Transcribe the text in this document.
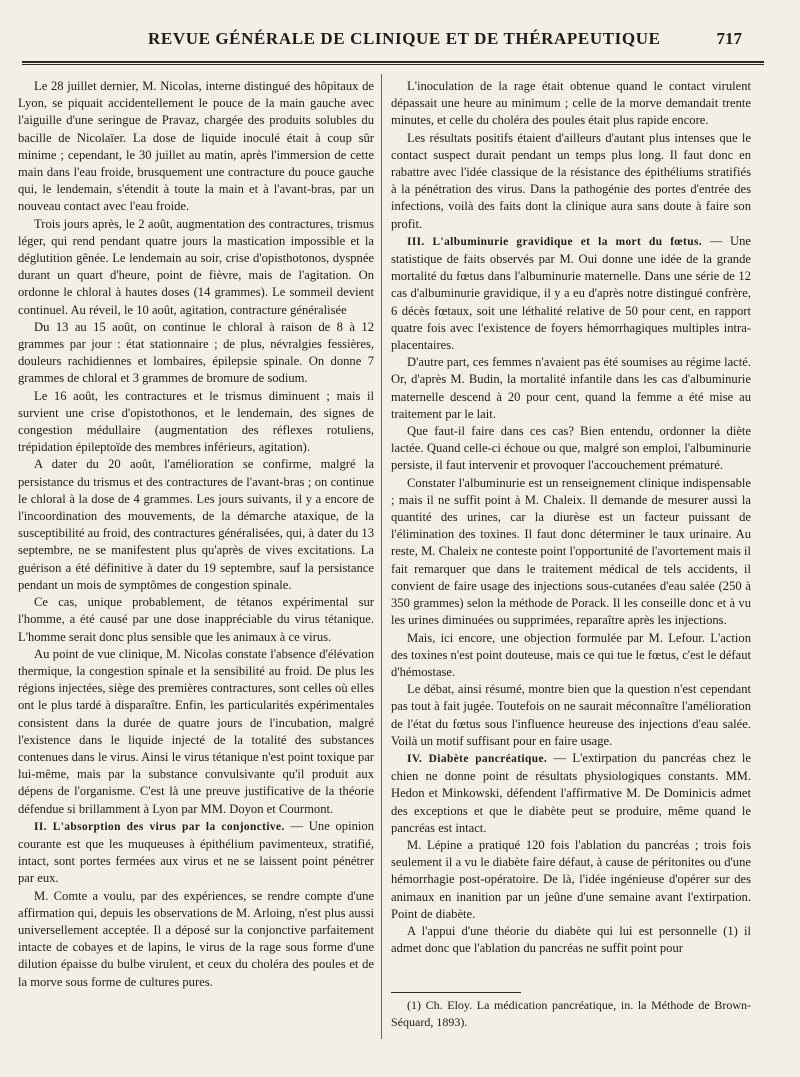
REVUE GÉNÉRALE DE CLINIQUE ET DE THÉRAPEUTIQUE	717

Le 28 juillet dernier, M. Nicolas, interne distingué des hôpitaux de Lyon, se piquait accidentellement le pouce de la main gauche avec l'aiguille d'une seringue de Pravaz, chargée des produits solubles du bacille de Nicolaïer. La dose de liquide inoculé était à coup sûr minime ; cependant, le 30 juillet au matin, après l'immersion de cette main dans l'eau froide, brusquement une contracture du pouce gauche qui, le lendemain, s'étendit à toute la main et à l'avant-bras, par un nouveau contact avec l'eau froide.

Trois jours après, le 2 août, augmentation des contractures, trismus léger, qui rend pendant quatre jours la mastication impossible et la déglutition gênée. Le lendemain au soir, crise d'opisthotonos, dyspnée durant un quart d'heure, point de fièvre, mais de l'agitation. On ordonne le chloral à hautes doses (14 grammes). Le sommeil devient continuel. Au réveil, le 10 août, agitation, contracture généralisée

Du 13 au 15 août, on continue le chloral à raison de 8 à 12 grammes par jour : état stationnaire ; de plus, névralgies fessières, douleurs rachidiennes et lombaires, épilepsie spinale. On donne 7 grammes de chloral et 3 grammes de bromure de sodium.

Le 16 août, les contractures et le trismus diminuent ; mais il survient une crise d'opistothonos, et le lendemain, des signes de congestion médullaire (augmentation des réflexes rotuliens, trépidation épileptoïde des membres inférieurs, agitation).

A dater du 20 août, l'amélioration se confirme, malgré la persistance du trismus et des contractures de l'avant-bras ; on continue le chloral à la dose de 4 grammes. Les jours suivants, il y a encore de l'incoordination des mouvements, de la démarche ataxique, de la susceptibilité au froid, des contractures généralisées, qui, à dater du 13 septembre, ne se manifestent plus qu'après de vives excitations. La guérison a été définitive à dater du 19 septembre, sauf la persistance pendant un mois de symptômes de congestion spinale.

Ce cas, unique probablement, de tétanos expérimental sur l'homme, a été causé par une dose inappréciable du virus tétanique. L'homme serait donc plus sensible que les animaux à ce virus.

Au point de vue clinique, M. Nicolas constate l'absence d'élévation thermique, la congestion spinale et la sensibilité au froid. De plus les régions injectées, siège des premières contractures, sont celles où elles ont le plus tardé à disparaître. Enfin, les particularités expérimentales consistent dans la durée de quatre jours de l'incubation, malgré l'existence dans le liquide injecté de la totalité des substances contenues dans le virus. Ainsi le virus tétanique n'est point toxique par lui-même, mais par la substance convulsivante qu'il produit aux dépens de l'organisme. C'est là une preuve justificative de la théorie défendue si brillamment à Lyon par MM. Doyon et Courmont.

II. L'absorption des virus par la conjonctive. — Une opinion courante est que les muqueuses à épithélium pavimenteux, stratifié, intact, sont portes fermées aux virus et ne se laissent point pénétrer par eux.

M. Comte a voulu, par des expériences, se rendre compte d'une affirmation qui, depuis les observations de M. Arloing, n'est plus aussi universellement acceptée. Il a déposé sur la conjonctive parfaitement intacte de cobayes et de lapins, le virus de la rage sous forme d'une dilution épaisse du bulbe virulent, et ceux du choléra des poules et de la morve sous forme de cultures pures.

L'inoculation de la rage était obtenue quand le contact virulent dépassait une heure au minimum ; celle de la morve demandait trente minutes, et celle du choléra des poules était plus rapide encore.

Les résultats positifs étaient d'ailleurs d'autant plus intenses que le contact suspect durait pendant un temps plus long. Il faut donc en rabattre avec l'idée classique de la résistance des épithéliums stratifiés à la pénétration des virus. Dans la pathogénie des portes d'entrée des infections, voilà des faits dont la clinique aura sans doute à faire son profit.

III. L'albuminurie gravidique et la mort du fœtus. — Une statistique de faits observés par M. Oui donne une idée de la grande mortalité du fœtus dans l'albuminurie maternelle. Dans une série de 12 cas d'albuminurie gravidique, il y a eu d'après notre distingué confrère, 6 décès fœtaux, soit une léthalité relative de 50 pour cent, en rapport quatre fois avec l'existence de foyers hémorrhagiques multiples intra-placentaires.

D'autre part, ces femmes n'avaient pas été soumises au régime lacté. Or, d'après M. Budin, la mortalité infantile dans les cas d'albuminurie maternelle descend à 20 pour cent, quand la femme a été mise au traitement par le lait.

Que faut-il faire dans ces cas? Bien entendu, ordonner la diète lactée. Quand celle-ci échoue ou que, malgré son emploi, l'albuminurie persiste, il faut intervenir et provoquer l'accouchement prématuré.

Constater l'albuminurie est un renseignement clinique indispensable ; mais il ne suffit point à M. Chaleix. Il demande de mesurer aussi la quantité des urines, car la diurèse est un facteur puissant de l'élimination des toxines. Il faut donc déterminer le taux urinaire. Au reste, M. Chaleix ne conteste point l'opportunité de l'avortement mais il fait remarquer que dans le traitement médical de tels accidents, il convient de faire usage des injections sous-cutanées d'eau salée (250 à 350 grammes) selon la méthode de Porack. Il les conseille donc et à vu les urines diminuées ou supprimées, reparaître après les injections.

Mais, ici encore, une objection formulée par M. Lefour. L'action des toxines n'est point douteuse, mais ce qui tue le fœtus, c'est le défaut d'hémostase.

Le débat, ainsi résumé, montre bien que la question n'est cependant pas tout à fait jugée. Toutefois on ne saurait méconnaître l'amélioration de l'état du fœtus sous l'influence heureuse des injections d'eau salée. Voilà un motif suffisant pour en faire usage.

IV. Diabète pancréatique. — L'extirpation du pancréas chez le chien ne donne point de résultats physiologiques constants. MM. Hedon et Minkowski, défendent l'affirmative M. De Dominicis admet des exceptions et que le diabète peut se produire, même quand le pancréas est intact.

M. Lépine a pratiqué 120 fois l'ablation du pancréas ; trois fois seulement il a vu le diabète faire défaut, à cause de péritonites ou d'une hémorrhagie post-opératoire. De là, l'idée ingénieuse d'opérer sur des animaux en inanition par un jeûne d'une semaine avant l'extirpation. Point de diabète.

A l'appui d'une théorie du diabète qui lui est personnelle (1) il admet donc que l'ablation du pancréas ne suffit point pour

(1) Ch. Eloy. La médication pancréatique, in. la Méthode de Brown-Séquard, 1893).
